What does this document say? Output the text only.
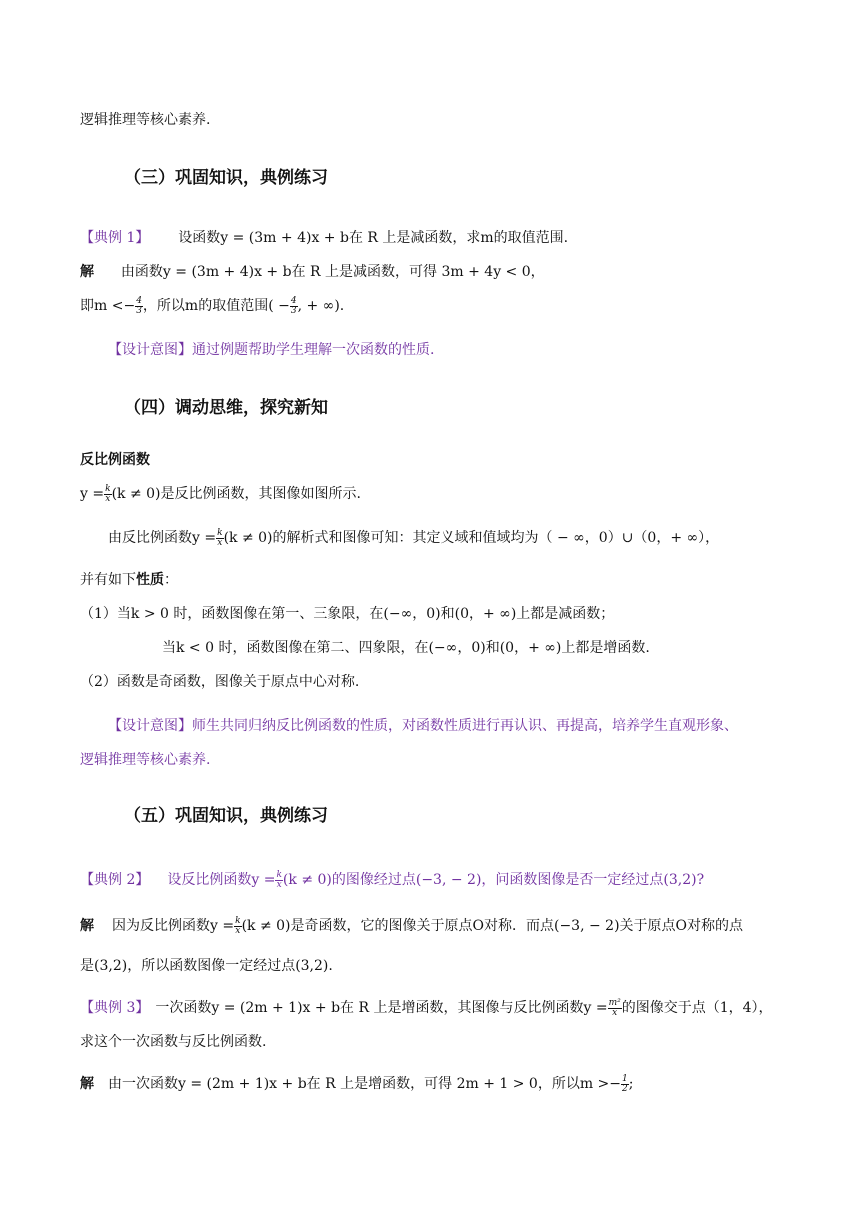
逻辑推理等核心素养.
（三）巩固知识，典例练习
【典例 1】 设函数y = (3m + 4)x + b在 R 上是减函数，求m的取值范围.
解 由函数y = (3m + 4)x + b在 R 上是减函数，可得 3m + 4y < 0，
即$m <- \frac{4}{3}$ ，所以m的取值范围( − $\frac{4}{3}$ , + ∞).
【设计意图】通过例题帮助学生理解一次函数的性质.
（四）调动思维，探究新知
反比例函数
$y = \frac{k}{x} (k \ne 0)$是反比例函数，其图像如图所示.
由反比例函数$y = \frac{k}{x} (k \ne 0)$的解析式和图像可知：其定义域和值域均为（ − ∞，0）∪（0，+ ∞），
并有如下性质：
（1）当k > 0 时，函数图像在第一、三象限，在(−∞，0)和(0，+ ∞)上都是减函数；
当k < 0 时，函数图像在第二、四象限，在(−∞，0)和(0，+ ∞)上都是增函数.
（2）函数是奇函数，图像关于原点中心对称.
【设计意图】师生共同归纳反比例函数的性质，对函数性质进行再认识、再提高，培养学生直观形象、
逻辑推理等核心素养.
（五）巩固知识，典例练习
【典例 2】 设反比例函数$y = \frac{k}{x} (k \ne 0)$的图像经过点(−3, − 2)，问函数图像是否一定经过点(3,2)?
解 因为反比例函数$y = \frac{k}{x} (k \ne 0)$是奇函数，它的图像关于原点O对称．而点(−3, − 2)关于原点O对称的点
是(3,2)，所以函数图像一定经过点(3,2).
【典例 3】 一次函数y = (2m + 1)x + b在 R 上是增函数，其图像与反比例函数$y = \frac{\text{m²}}{x}$ 的图像交于点（1，4），
求这个一次函数与反比例函数.
解 由一次函数y = (2m + 1)x + b在 R 上是增函数，可得 2m + 1 > 0，所以$m >- \frac{1}{2}$ ;
